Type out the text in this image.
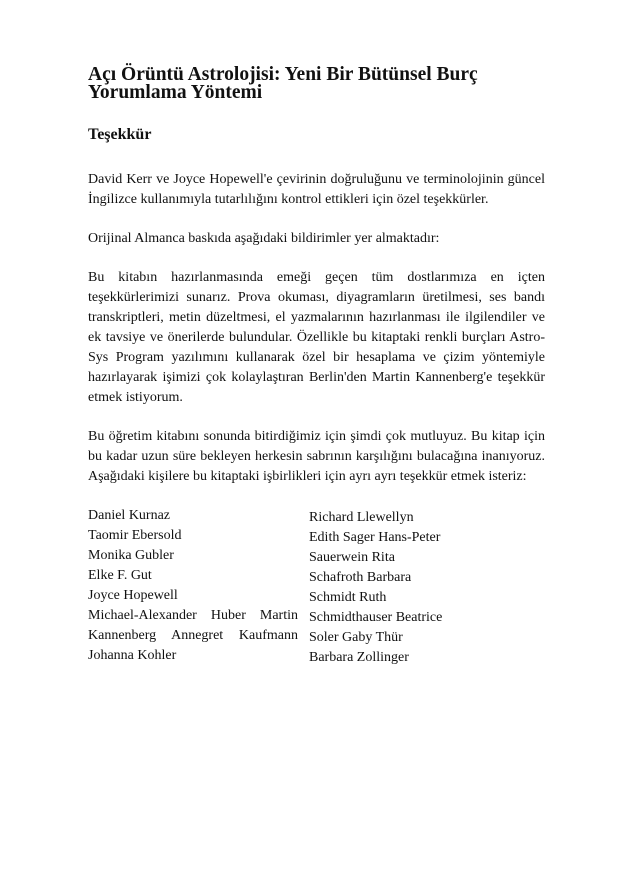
Açı Örüntü Astrolojisi: Yeni Bir Bütünsel Burç
Yorumlama Yöntemi
Teşekkür

David Kerr ve Joyce Hopewell'e çevirinin doğruluğunu ve terminolojinin güncel İngilizce kullanımıyla tutarlılığını kontrol ettikleri için özel teşekkürler.

Orijinal Almanca baskıda aşağıdaki bildirimler yer almaktadır:

Bu kitabın hazırlanmasında emeği geçen tüm dostlarımıza en içten teşekkürlerimizi sunarız. Prova okuması, diyagramların üretilmesi, ses bandı transkriptleri, metin düzeltmesi, el yazmalarının hazırlanması ile ilgilendiler ve ek tavsiye ve önerilerde bulundular. Özellikle bu kitaptaki renkli burçları Astro-Sys Program yazılımını kullanarak özel bir hesaplama ve çizim yöntemiyle hazırlayarak işimizi çok kolaylaştıran Berlin'den Martin Kannenberg'e teşekkür etmek istiyorum.

Bu öğretim kitabını sonunda bitirdiğimiz için şimdi çok mutluyuz. Bu kitap için bu kadar uzun süre bekleyen herkesin sabrının karşılığını bulacağına inanıyoruz. Aşağıdaki kişilere bu kitaptaki işbirlikleri için ayrı ayrı teşekkür etmek isteriz:

Daniel Kurnaz
Taomir Ebersold
Monika Gubler
Elke F. Gut
Joyce Hopewell
Michael-Alexander Huber Martin
Kannenberg Annegret Kaufmann
Johanna Kohler
Richard Llewellyn
Edith Sager Hans-Peter
Sauerwein Rita
Schafroth Barbara
Schmidt Ruth
Schmidthauser Beatrice
Soler Gaby Thür
Barbara Zollinger
